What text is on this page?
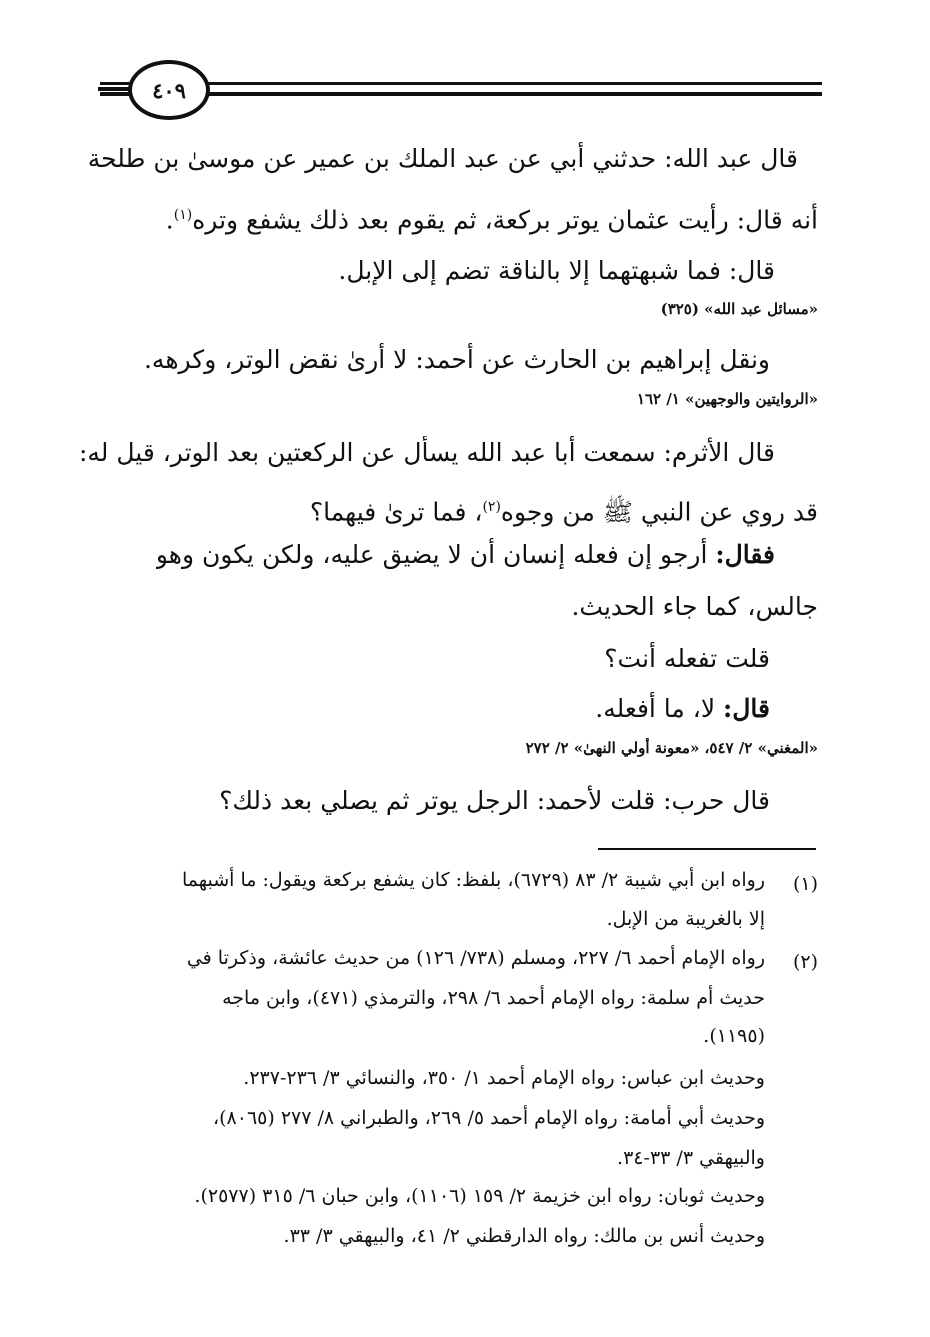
٤٠٩
قال عبد الله: حدثني أبي عن عبد الملك بن عمير عن موسىٰ بن طلحة
أنه قال: رأيت عثمان يوتر بركعة، ثم يقوم بعد ذلك يشفع وتره$^{(١)}$.
قال: فما شبهتهما إلا بالناقة تضم إلى الإبل.
«مسائل عبد الله» (٣٢٥)
ونقل إبراهيم بن الحارث عن أحمد: لا أرىٰ نقض الوتر، وكرهه.
«الروايتين والوجهين» ١/ ١٦٢
قال الأثرم: سمعت أبا عبد الله يسأل عن الركعتين بعد الوتر، قيل له:
قد روي عن النبي ﷺ من وجوه$^{(٢)}$، فما ترىٰ فيهما؟
فقال: أرجو إن فعله إنسان أن لا يضيق عليه، ولكن يكون وهو
جالس، كما جاء الحديث.
قلت تفعله أنت؟
قال: لا، ما أفعله.
«المغني» ٢/ ٥٤٧، «معونة أولي النهىٰ» ٢/ ٢٧٢
قال حرب: قلت لأحمد: الرجل يوتر ثم يصلي بعد ذلك؟
(١)
رواه ابن أبي شيبة ٢/ ٨٣ (٦٧٢٩)، بلفظ: كان يشفع بركعة ويقول: ما أشبهما
إلا بالغريبة من الإبل.
(٢)
رواه الإمام أحمد ٦/ ٢٢٧، ومسلم (٧٣٨/ ١٢٦) من حديث عائشة، وذكرتا في
حديث أم سلمة: رواه الإمام أحمد ٦/ ٢٩٨، والترمذي (٤٧١)، وابن ماجه
(١١٩٥).
وحديث ابن عباس: رواه الإمام أحمد ١/ ٣٥٠، والنسائي ٣/ ٢٣٦-٢٣٧.
وحديث أبي أمامة: رواه الإمام أحمد ٥/ ٢٦٩، والطبراني ٨/ ٢٧٧ (٨٠٦٥)،
والبيهقي ٣/ ٣٣-٣٤.
وحديث ثوبان: رواه ابن خزيمة ٢/ ١٥٩ (١١٠٦)، وابن حبان ٦/ ٣١٥ (٢٥٧٧).
وحديث أنس بن مالك: رواه الدارقطني ٢/ ٤١، والبيهقي ٣/ ٣٣.
